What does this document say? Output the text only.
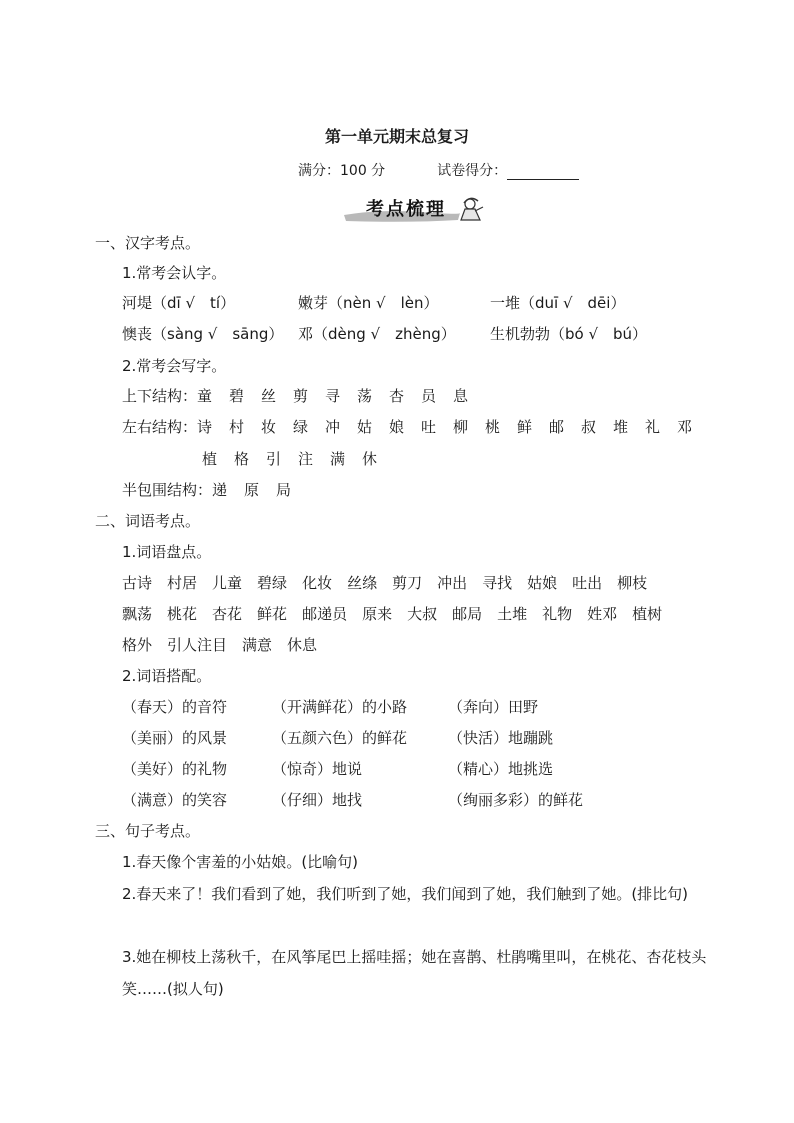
第一单元期末总复习
满分：100 分	试卷得分：
考点梳理
一、汉字考点。
1.常考会认字。
河堤（dī √　tí）	嫩芽（nèn √　lèn）	一堆（duī √　dēi）
懊丧（sàng √　sāng） 邓（dèng √　zhèng） 生机勃勃（bó √　bú）
2.常考会写字。
上下结构：童 碧 丝 剪 寻 荡 杏 员 息
左右结构：诗 村 妆 绿 冲 姑 娘 吐 柳 桃 鲜 邮 叔 堆 礼 邓
植 格 引 注 满 休
半包围结构：递 原 局
二、词语考点。
1.词语盘点。
古诗 村居 儿童 碧绿 化妆 丝绦 剪刀 冲出 寻找 姑娘 吐出 柳枝
飘荡 桃花 杏花 鲜花 邮递员 原来 大叔 邮局 土堆 礼物 姓邓 植树
格外 引人注目 满意 休息
2.词语搭配。
（春天）的音符	（开满鲜花）的小路	（奔向）田野
（美丽）的风景	（五颜六色）的鲜花	（快活）地蹦跳
（美好）的礼物	（惊奇）地说	（精心）地挑选
（满意）的笑容	（仔细）地找	（绚丽多彩）的鲜花
三、句子考点。
1.春天像个害羞的小姑娘。(比喻句)
2.春天来了！我们看到了她，我们听到了她，我们闻到了她，我们触到了她。(排比句)
3.她在柳枝上荡秋千，在风筝尾巴上摇哇摇；她在喜鹊、杜鹃嘴里叫，在桃花、杏花枝头笑……(拟人句)
